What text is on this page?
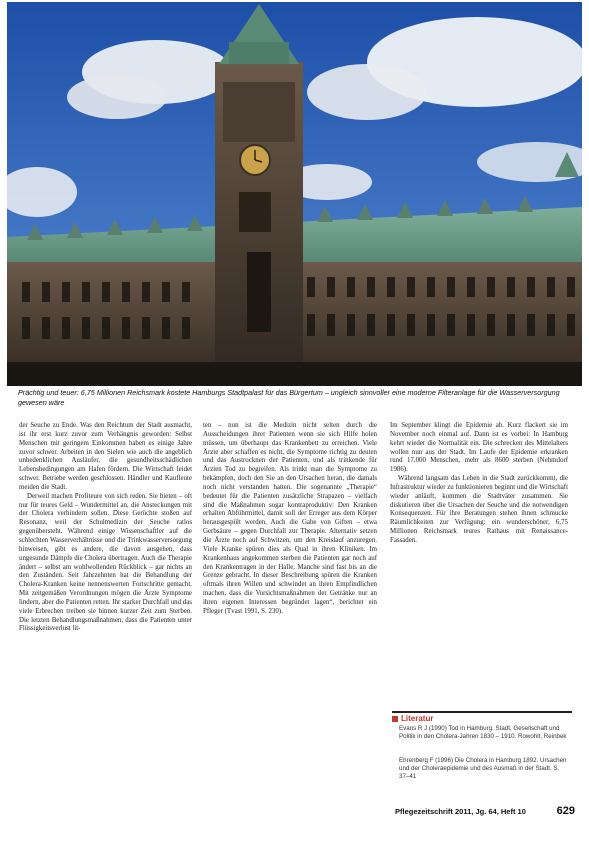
Prächtig und teuer: 6,75 Millionen Reichsmark kostete Hamburgs Stadtpalast für das Bürgertum – ungleich sinnvoller eine moderne Filteranlage für die Wasserversorgung gewesen wäre

der Seuche zu Ende. Was den Reichtum der Stadt ausmacht, ist ihr erst kurz zuvor zum Verhängnis geworden: Selbst Menschen mit geringem Einkommen haben es einige Jahre zuvor schwer. Arbeiten in den Sielen wie auch die angeblich unbedenklichen Ausläufer, die gesundheitsschädlichen Lebensbedingungen am Hafen fördern. Die Wirtschaft leidet schwer. Betriebe werden geschlossen. Händler und Kaufleute meiden die Stadt.

Derweil machen Profiteure von sich reden. Sie bieten – oft nur für teures Geld – Wundermittel an, die Ansteckungen mit der Cholera verhindern sollen. Diese Gerüchte stoßen auf Resonanz, weil der Schulmedizin der Seuche ratlos gegenübersteht. Während einige Wissenschaftler auf die schlechten Wasserverhältnisse und die Trinkwasserversorgung hinweisen, gibt es andere, die davon ausgehen, dass ungesunde Dämpfe die Cholera übertragen. Auch die Therapie ändert – selbst am wohlwollenden Rückblick – gar nichts an den Zuständen. Seit Jahrzehnten hat die Behandlung der Cholera-Kranken keine nennenswerten Fortschritte gemacht. Mit zeitgemäßen Verordnungen mögen die Ärzte Symptome lindern, aber die Patienten retten. Ihr starker Durchfall und das viele Erbrechen treiben sie binnen kurzer Zeit zum Sterben. Die letzten Behandlungsmaßnahmen, dass die Patienten unter Flüssigkeitsverlust lit-

ten – nun ist die Medizin nicht selten durch die Ausscheidungen ihrer Patienten wenn sie sich Hilfe holen müssen, um überhaupt das Krankenbett zu erreichen. Viele Ärzte aber schaffen es nicht, die Symptome richtig zu deuten und das Austrocknen der Patienten, und als trinkende für Ärzten Tod zu begreifen. Als trinkt man die Symptome zu bekämpfen, doch den Sie an den Ursachen heran, die damals noch nicht verstanden hatten. Die sogenannte „Therapie“ bedeutet für die Patienten zusätzliche Strapazen – vielfach sind die Maßnahmen sogar kontraproduktiv: Den Kranken erhalten Abführmittel, damit soll der Erreger aus dem Körper herausgespült werden. Auch die Gabe von Giften – etwa Gerbsäure – gegen Durchfall zur Therapie. Alternativ setzen die Ärzte noch auf Schwitzen, um den Kreislauf anzuregen. Viele Kranke spüren dies als Qual in ihren Kliniken. Im Krankenhaus angekommen sterben die Patienten gar noch auf den Krankentragen in der Halle. Manche sind fast bis an die Grenze gebracht. In dieser Beschreibung spüren die Kranken oftmals ihren Willen und schwindet an ihren Empfindlichen machen, dass die Vorsichtsmaßnahmen der Getränke nur an ihren eigenen Interessen begründet lagen“, berichtet ein Pfleger (Tvast 1991, S. 230).

Im September klingt die Epidemie ab. Kurz flackert sie im November noch einmal auf. Dann ist es vorbei: In Hamburg kehrt wieder die Normalität ein. Die schrecken des Mittelalters wollen nun aus der Stadt. Im Laufe der Epidemie erkranken rund 17.000 Menschen, mehr als 8600 sterben (Nehmdorf 1986).

Während langsam das Leben in die Stadt zurückkommt, die Infrastruktur wieder zu funktionieren beginnt und die Wirtschaft wieder anläuft, kommen die Stadtväter zusammen. Sie diskutieren über die Ursachen der Seuche und die notwendigen Konsequenzen. Für ihre Beratungen stehen ihnen schmucke Räumlichkeiten zur Verfügung: ein wunderschöner, 6,75 Millionen Reichsmark teures Rathaus mit Renaissance-Fassaden.

Literatur
Evans R J (1990) Tod in Hamburg. Stadt, Gesellschaft und Politik in den Cholera-Jahren 1830 – 1910. Rowohlt, Reinbek
Ehrenberg F (1996) Die Cholera in Hamburg 1892. Ursachen und der Choleraepidemie und des Ausmaß in der Stadt. S. 37–41
Pflegezeitschrift 2011, Jg. 64, Heft 10	629
